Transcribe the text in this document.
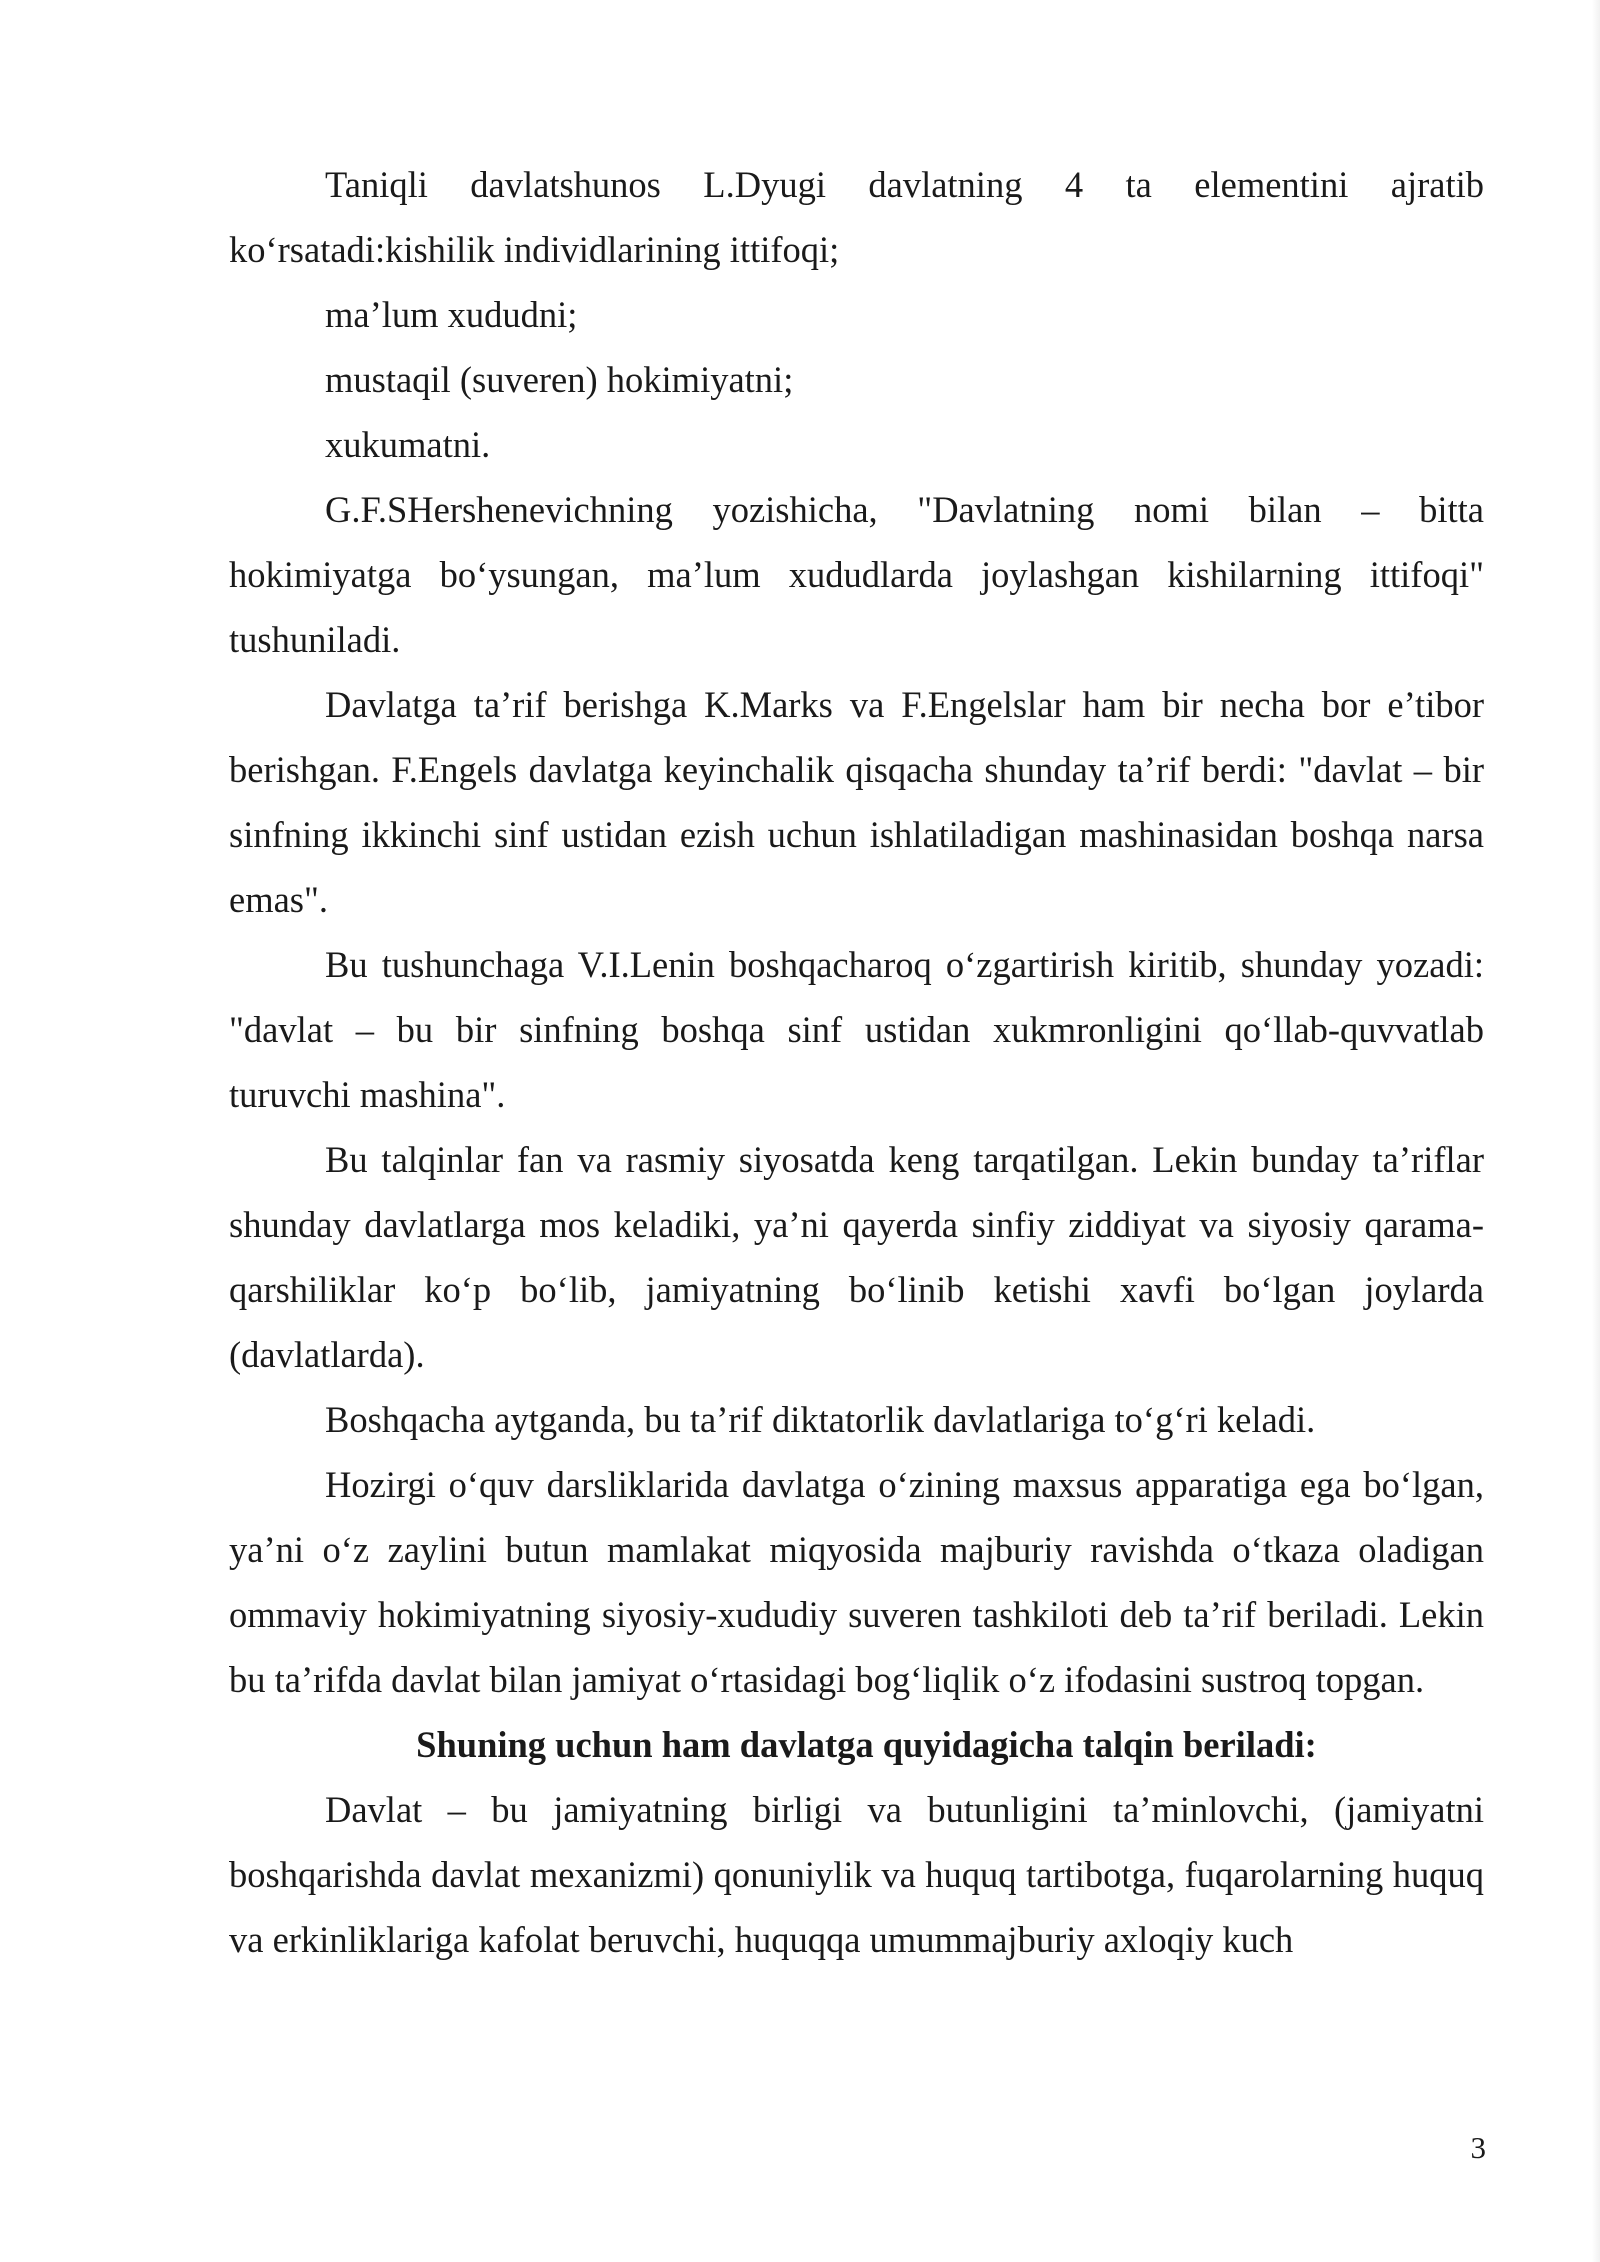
Taniqli davlatshunos L.Dyugi davlatning 4 ta elementini ajratib ko‘rsatadi:kishilik individlarining ittifoqi;

ma’lum xududni;

mustaqil (suveren) hokimiyatni;

xukumatni.

G.F.SHershenevichning yozishicha, "Davlatning nomi bilan – bitta hokimiyatga bo‘ysungan, ma’lum xududlarda joylashgan kishilarning ittifoqi" tushuniladi.

Davlatga ta’rif berishga K.Marks va F.Engelslar ham bir necha bor e’tibor berishgan. F.Engels davlatga keyinchalik qisqacha shunday ta’rif berdi: "davlat – bir sinfning ikkinchi sinf ustidan ezish uchun ishlatiladigan mashinasidan boshqa narsa emas".

Bu tushunchaga V.I.Lenin boshqacharoq o‘zgartirish kiritib, shunday yozadi: "davlat – bu bir sinfning boshqa sinf ustidan xukmronligini qo‘llab-quvvatlab turuvchi mashina".

Bu talqinlar fan va rasmiy siyosatda keng tarqatilgan. Lekin bunday ta’riflar shunday davlatlarga mos keladiki, ya’ni qayerda sinfiy ziddiyat va siyosiy qarama-qarshiliklar ko‘p bo‘lib, jamiyatning bo‘linib ketishi xavfi bo‘lgan joylarda (davlatlarda).

Boshqacha aytganda, bu ta’rif diktatorlik davlatlariga to‘g‘ri keladi.

Hozirgi o‘quv darsliklarida davlatga o‘zining maxsus apparatiga ega bo‘lgan, ya’ni o‘z zaylini butun mamlakat miqyosida majburiy ravishda o‘tkaza oladigan ommaviy hokimiyatning siyosiy-xududiy suveren tashkiloti deb ta’rif beriladi. Lekin bu ta’rifda davlat bilan jamiyat o‘rtasidagi bog‘liqlik o‘z ifodasini sustroq topgan.

Shuning uchun ham davlatga quyidagicha talqin beriladi:

Davlat – bu jamiyatning birligi va butunligini ta’minlovchi, (jamiyatni boshqarishda davlat mexanizmi) qonuniylik va huquq tartibotga, fuqarolarning huquq va erkinliklariga kafolat beruvchi, huquqqa umummajburiy axloqiy kuch

3
